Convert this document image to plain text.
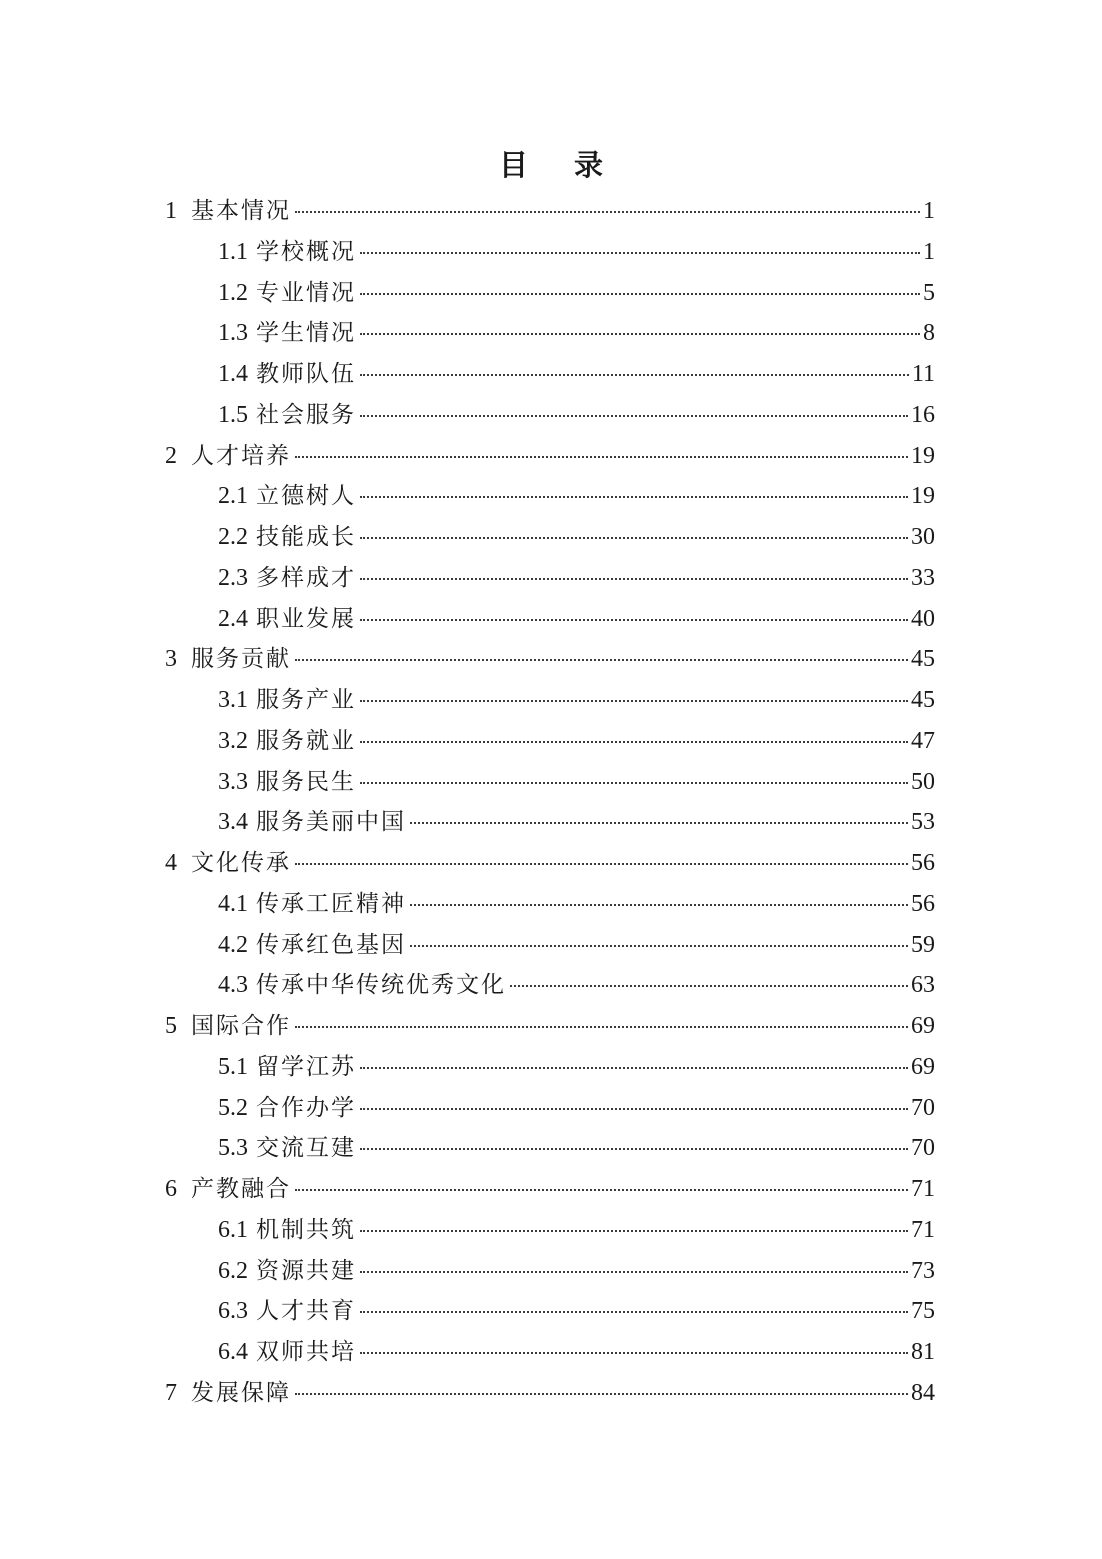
目 录
1 基本情况	1
1.1 学校概况	1
1.2 专业情况	5
1.3 学生情况	8
1.4 教师队伍	11
1.5 社会服务	16
2 人才培养	19
2.1 立德树人	19
2.2 技能成长	30
2.3 多样成才	33
2.4 职业发展	40
3 服务贡献	45
3.1 服务产业	45
3.2 服务就业	47
3.3 服务民生	50
3.4 服务美丽中国	53
4 文化传承	56
4.1 传承工匠精神	56
4.2 传承红色基因	59
4.3 传承中华传统优秀文化	63
5 国际合作	69
5.1 留学江苏	69
5.2 合作办学	70
5.3 交流互建	70
6 产教融合	71
6.1 机制共筑	71
6.2 资源共建	73
6.3 人才共育	75
6.4 双师共培	81
7 发展保障	84
